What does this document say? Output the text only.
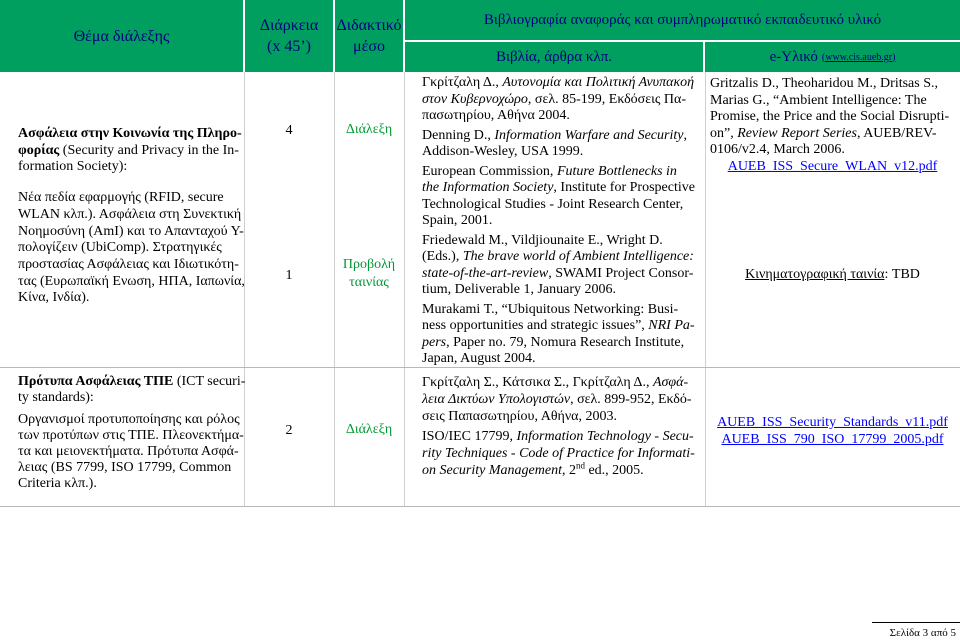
Θέμα διάλεξης
Διάρκεια
(x 45’)
Διδακτικό
μέσο
Βιβλιογραφία αναφοράς και συμπληρωματικό εκπαιδευτικό υλικό
Βιβλία, άρθρα κλπ.	e-Υλικό (www.cis.aueb.gr)
Ασφάλεια στην Κοινωνία της Πληρο-
φορίας (Security and Privacy in the In-
formation Society):
Νέα πεδία εφαρμογής (RFID, secure
WLAN κλπ.). Ασφάλεια στη Συνεκτική
Νοημοσύνη (AmI) και το Απανταχού Υ-
πολογίζειν (UbiComp). Στρατηγικές
προστασίας Ασφάλειας και Ιδιωτικότη-
τας (Ευρωπαϊκή Ενωση, ΗΠΑ, Ιαπωνία,
Κίνα, Ινδία).
4
1
Διάλεξη
Προβολή
ταινίας
Γκρίτζαλη Δ., Αυτονομία και Πολιτική Ανυπακοή
στον Κυβερνοχώρο, σελ. 85-199, Εκδόσεις Πα-
πασωτηρίου, Αθήνα 2004.
Denning D., Information Warfare and Security,
Addison-Wesley, USA 1999.
European Commission, Future Bottlenecks in
the Information Society, Institute for Prospective
Technological Studies - Joint Research Center,
Spain, 2001.
Friedewald M., Vildjiounaite E., Wright D.
(Eds.), The brave world of Ambient Intelligence:
state-of-the-art-review, SWAMI Project Consor-
tium, Deliverable 1, January 2006.
Murakami T., “Ubiquitous Networking: Busi-
ness opportunities and strategic issues”, NRI Pa-
pers, Paper no. 79, Nomura Research Institute,
Japan, August 2004.
Gritzalis D., Theoharidou M., Dritsas S.,
Marias G., “Ambient Intelligence: The
Promise, the Price and the Social Disrupti-
on”, Review Report Series, AUEB/REV-
0106/v2.4, March 2006.
AUEB_ISS_Secure_WLAN_v12.pdf
Κινηματογραφική ταινία: TBD
Πρότυπα Ασφάλειας ΤΠΕ (ICT securi-
ty standards):
Οργανισμοί προτυποποίησης και ρόλος
των προτύπων στις ΤΠΕ. Πλεονεκτήμα-
τα και μειονεκτήματα. Πρότυπα Ασφά-
λειας (BS 7799, ISO 17799, Common
Criteria κλπ.).
2	Διάλεξη
Γκρίτζαλη Σ., Κάτσικα Σ., Γκρίτζαλη Δ., Ασφά-
λεια Δικτύων Υπολογιστών, σελ. 899-952, Εκδό-
σεις Παπασωτηρίου, Αθήνα, 2003.
ISO/IEC 17799, Information Technology - Secu-
rity Techniques - Code of Practice for Informati-
on Security Management, 2nd ed., 2005.
AUEB_ISS_Security_Standards_v11.pdf
AUEB_ISS_790_ISO_17799_2005.pdf
Σελίδα 3 από 5
